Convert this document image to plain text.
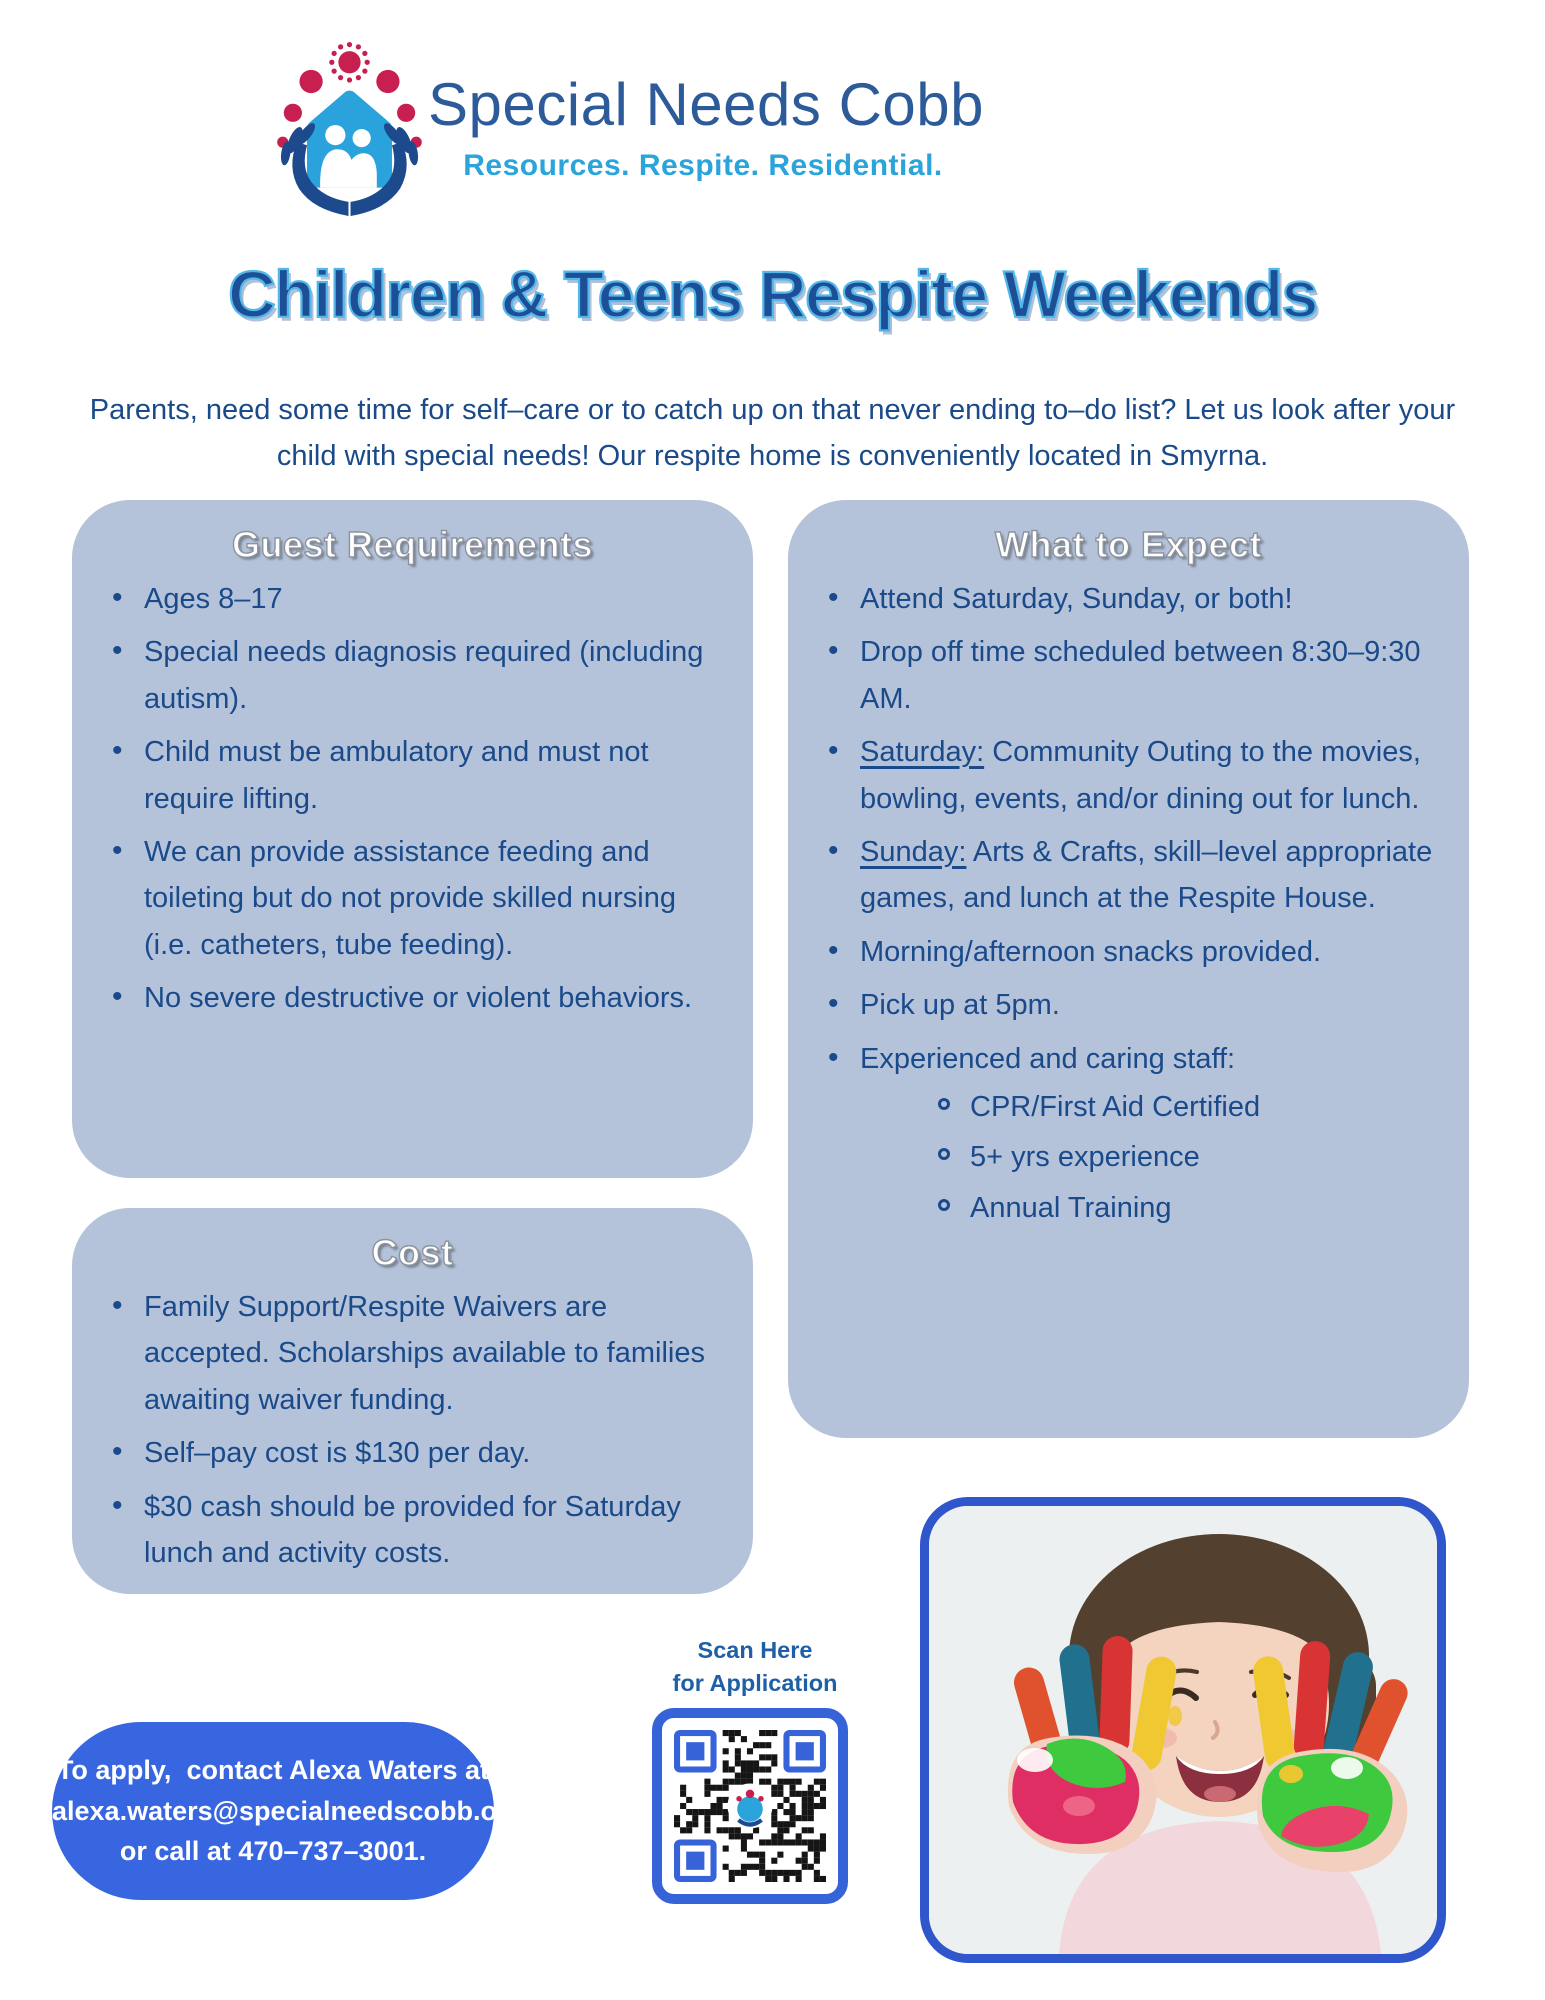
Special Needs Cobb
Resources. Respite. Residential.
Children & Teens Respite Weekends
Parents, need some time for self–care or to catch up on that never ending to–do list? Let us look after your child with special needs! Our respite home is conveniently located in Smyrna.
Guest Requirements
• Ages 8–17
• Special needs diagnosis required (including autism).
• Child must be ambulatory and must not require lifting.
• We can provide assistance feeding and toileting but do not provide skilled nursing (i.e. catheters, tube feeding).
• No severe destructive or violent behaviors.
What to Expect
• Attend Saturday, Sunday, or both!
• Drop off time scheduled between 8:30–9:30 AM.
• Saturday: Community Outing to the movies, bowling, events, and/or dining out for lunch.
• Sunday: Arts & Crafts, skill–level appropriate games, and lunch at the Respite House.
• Morning/afternoon snacks provided.
• Pick up at 5pm.
• Experienced and caring staff:
CPR/First Aid Certified
5+ yrs experience
Annual Training
Cost
• Family Support/Respite Waivers are accepted. Scholarships available to families awaiting waiver funding.
• Self–pay cost is $130 per day.
• $30 cash should be provided for Saturday lunch and activity costs.
Scan Here
for Application
To apply,  contact Alexa Waters at
alexa.waters@specialneedscobb.org
or call at 470–737–3001.
